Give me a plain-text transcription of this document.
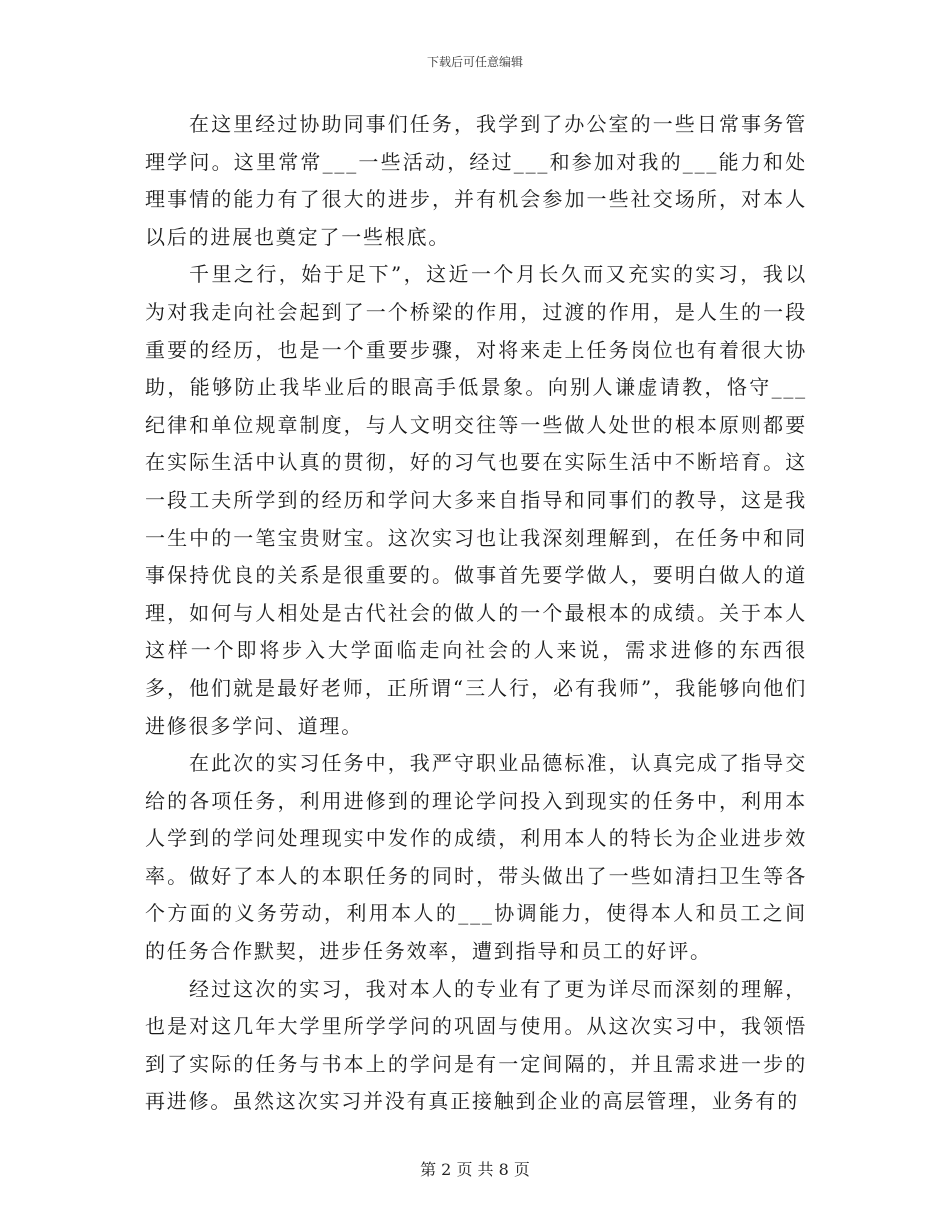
下载后可任意编辑

在这里经过协助同事们任务，我学到了办公室的一些日常事务管理学问。这里常常___一些活动，经过___和参加对我的___能力和处理事情的能力有了很大的进步，并有机会参加一些社交场所，对本人以后的进展也奠定了一些根底。

千里之行，始于足下”，这近一个月长久而又充实的实习，我以为对我走向社会起到了一个桥梁的作用，过渡的作用，是人生的一段重要的经历，也是一个重要步骤，对将来走上任务岗位也有着很大协助，能够防止我毕业后的眼高手低景象。向别人谦虚请教，恪守___纪律和单位规章制度，与人文明交往等一些做人处世的根本原则都要在实际生活中认真的贯彻，好的习气也要在实际生活中不断培育。这一段工夫所学到的经历和学问大多来自指导和同事们的教导，这是我一生中的一笔宝贵财宝。这次实习也让我深刻理解到，在任务中和同事保持优良的关系是很重要的。做事首先要学做人，要明白做人的道理，如何与人相处是古代社会的做人的一个最根本的成绩。关于本人这样一个即将步入大学面临走向社会的人来说，需求进修的东西很多，他们就是最好老师，正所谓“三人行，必有我师”，我能够向他们进修很多学问、道理。

在此次的实习任务中，我严守职业品德标准，认真完成了指导交给的各项任务，利用进修到的理论学问投入到现实的任务中，利用本人学到的学问处理现实中发作的成绩，利用本人的特长为企业进步效率。做好了本人的本职任务的同时，带头做出了一些如清扫卫生等各个方面的义务劳动，利用本人的___协调能力，使得本人和员工之间的任务合作默契，进步任务效率，遭到指导和员工的好评。

经过这次的实习，我对本人的专业有了更为详尽而深刻的理解，也是对这几年大学里所学学问的巩固与使用。从这次实习中，我领悟到了实际的任务与书本上的学问是有一定间隔的，并且需求进一步的再进修。虽然这次实习并没有真正接触到企业的高层管理，业务有的

第 2 页 共 8 页
